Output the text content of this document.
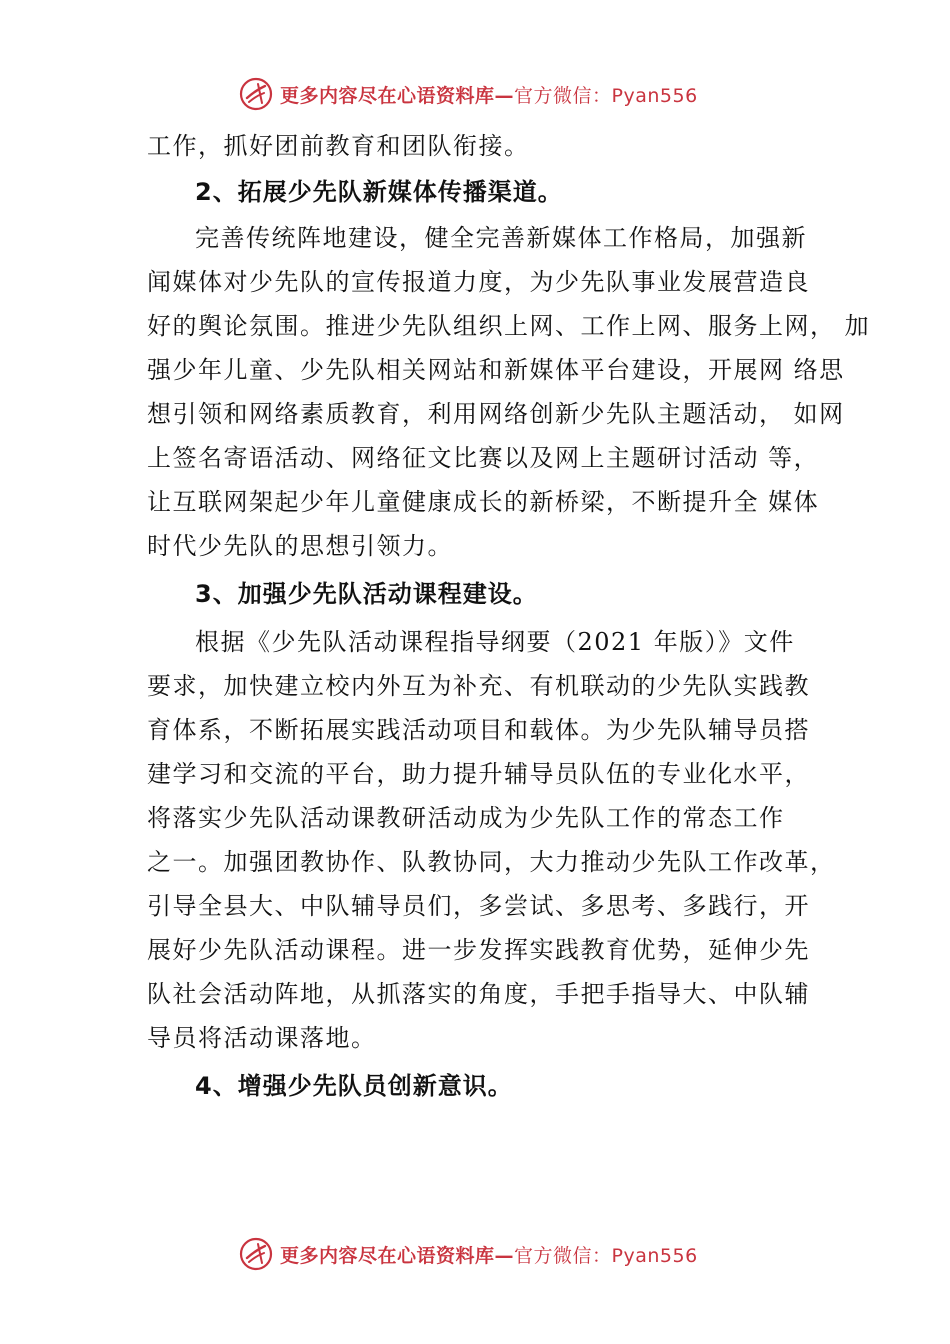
更多内容尽在心语资料库—官方微信：Pyan556
工作，抓好团前教育和团队衔接。
2、拓展少先队新媒体传播渠道。
完善传统阵地建设，健全完善新媒体工作格局，加强新
闻媒体对少先队的宣传报道力度，为少先队事业发展营造良
好的舆论氛围。推进少先队组织上网、工作上网、服务上网， 加
强少年儿童、少先队相关网站和新媒体平台建设，开展网 络思
想引领和网络素质教育，利用网络创新少先队主题活动， 如网
上签名寄语活动、网络征文比赛以及网上主题研讨活动 等，
让互联网架起少年儿童健康成长的新桥梁，不断提升全 媒体
时代少先队的思想引领力。
3、加强少先队活动课程建设。
根据《少先队活动课程指导纲要（2021 年版）》文件
要求，加快建立校内外互为补充、有机联动的少先队实践教
育体系，不断拓展实践活动项目和载体。为少先队辅导员搭
建学习和交流的平台，助力提升辅导员队伍的专业化水平，
将落实少先队活动课教研活动成为少先队工作的常态工作
之一。加强团教协作、队教协同，大力推动少先队工作改革，
引导全县大、中队辅导员们，多尝试、多思考、多践行，开
展好少先队活动课程。进一步发挥实践教育优势，延伸少先
队社会活动阵地，从抓落实的角度，手把手指导大、中队辅
导员将活动课落地。
4、增强少先队员创新意识。
更多内容尽在心语资料库—官方微信：Pyan556
